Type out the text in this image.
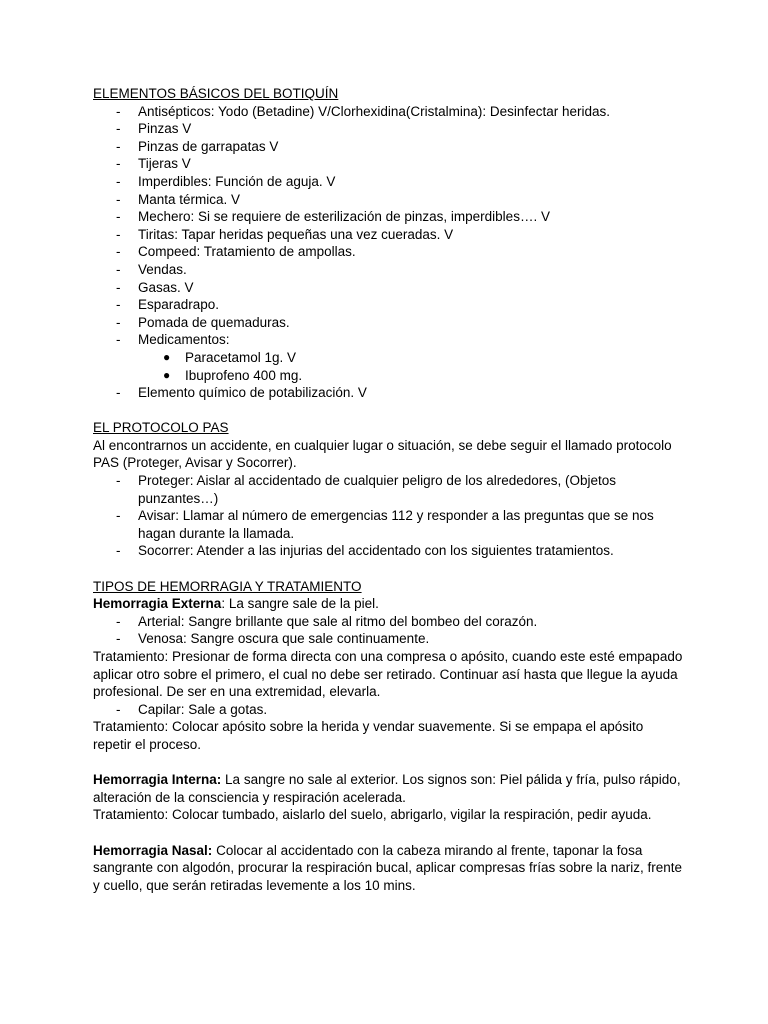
ELEMENTOS BÁSICOS DEL BOTIQUÍN
-	Antisépticos: Yodo (Betadine) V/Clorhexidina(Cristalmina): Desinfectar heridas.
-	Pinzas V
-	Pinzas de garrapatas V
-	Tijeras V
-	Imperdibles: Función de aguja. V
-	Manta térmica. V
-	Mechero: Si se requiere de esterilización de pinzas, imperdibles…. V
-	Tiritas: Tapar heridas pequeñas una vez cueradas. V
-	Compeed: Tratamiento de ampollas.
-	Vendas.
-	Gasas. V
-	Esparadrapo.
-	Pomada de quemaduras.
-	Medicamentos:
●	Paracetamol 1g. V
●	Ibuprofeno 400 mg.
-	Elemento químico de potabilización. V
EL PROTOCOLO PAS
Al encontrarnos un accidente, en cualquier lugar o situación, se debe seguir el llamado protocolo PAS (Proteger, Avisar y Socorrer).
-	Proteger: Aislar al accidentado de cualquier peligro de los alrededores, (Objetos punzantes…)
-	Avisar: Llamar al número de emergencias 112 y responder a las preguntas que se nos hagan durante la llamada.
-	Socorrer: Atender a las injurias del accidentado con los siguientes tratamientos.
TIPOS DE HEMORRAGIA Y TRATAMIENTO
Hemorragia Externa: La sangre sale de la piel.
-	Arterial: Sangre brillante que sale al ritmo del bombeo del corazón.
-	Venosa: Sangre oscura que sale continuamente.
Tratamiento: Presionar de forma directa con una compresa o apósito, cuando este esté empapado aplicar otro sobre el primero, el cual no debe ser retirado. Continuar así hasta que llegue la ayuda profesional. De ser en una extremidad, elevarla.
-	Capilar: Sale a gotas.
Tratamiento: Colocar apósito sobre la herida y vendar suavemente. Si se empapa el apósito repetir el proceso.
Hemorragia Interna: La sangre no sale al exterior. Los signos son: Piel pálida y fría, pulso rápido, alteración de la consciencia y respiración acelerada.
Tratamiento: Colocar tumbado, aislarlo del suelo, abrigarlo, vigilar la respiración, pedir ayuda.
Hemorragia Nasal: Colocar al accidentado con la cabeza mirando al frente, taponar la fosa sangrante con algodón, procurar la respiración bucal, aplicar compresas frías sobre la nariz, frente y cuello, que serán retiradas levemente a los 10 mins.
